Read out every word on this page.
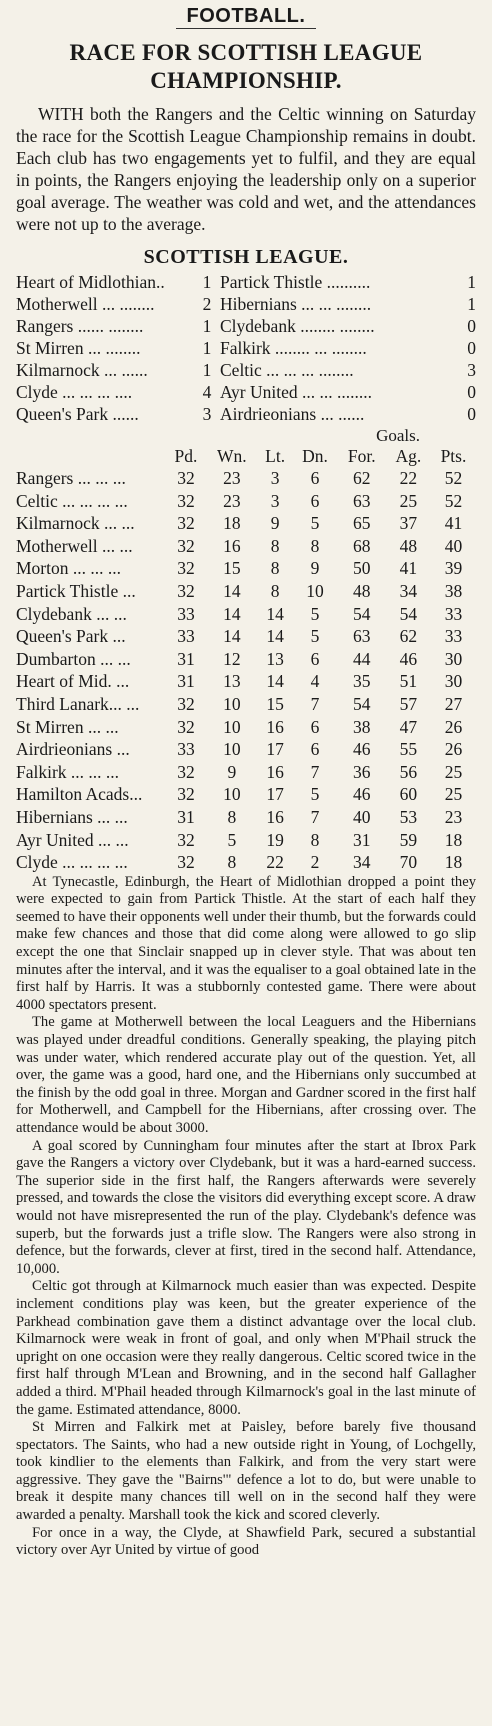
FOOTBALL.
RACE FOR SCOTTISH LEAGUE
CHAMPIONSHIP.

WITH both the Rangers and the Celtic winning on Saturday the race for the Scottish League Championship remains in doubt. Each club has two engagements yet to fulfil, and they are equal in points, the Rangers enjoying the leadership only on a superior goal average. The weather was cold and wet, and the attendances were not up to the average.

SCOTTISH LEAGUE.
Heart of Midlothian..	1	Partick Thistle ..........	1
Motherwell ... ........	2	Hibernians ... ... ........	1
Rangers ...... ........	1	Clydebank ........ ........	0
St Mirren ... ........	1	Falkirk ........ ... ........	0
Kilmarnock ... ......	1	Celtic ... ... ... ........	3
Clyde ... ... ... ....	4	Ayr United ... ... ........	0
Queen's Park ......	3	Airdrieonians ... ......	0
Goals.
	Pd.	Wn.	Lt.	Dn.	For.	Ag.	Pts.
Rangers ... ... ...	32	23	3	6	62	22	52
Celtic ... ... ... ...	32	23	3	6	63	25	52
Kilmarnock ... ...	32	18	9	5	65	37	41
Motherwell ... ...	32	16	8	8	68	48	40
Morton ... ... ...	32	15	8	9	50	41	39
Partick Thistle ...	32	14	8	10	48	34	38
Clydebank ... ...	33	14	14	5	54	54	33
Queen's Park ...	33	14	14	5	63	62	33
Dumbarton ... ...	31	12	13	6	44	46	30
Heart of Mid. ...	31	13	14	4	35	51	30
Third Lanark... ...	32	10	15	7	54	57	27
St Mirren ... ...	32	10	16	6	38	47	26
Airdrieonians ...	33	10	17	6	46	55	26
Falkirk ... ... ...	32	9	16	7	36	56	25
Hamilton Acads...	32	10	17	5	46	60	25
Hibernians ... ...	31	8	16	7	40	53	23
Ayr United ... ...	32	5	19	8	31	59	18
Clyde ... ... ... ...	32	8	22	2	34	70	18

At Tynecastle, Edinburgh, the Heart of Midlothian dropped a point they were expected to gain from Partick Thistle. At the start of each half they seemed to have their opponents well under their thumb, but the forwards could make few chances and those that did come along were allowed to go slip except the one that Sinclair snapped up in clever style. That was about ten minutes after the interval, and it was the equaliser to a goal obtained late in the first half by Harris. It was a stubbornly contested game. There were about 4000 spectators present.

The game at Motherwell between the local Leaguers and the Hibernians was played under dreadful conditions. Generally speaking, the playing pitch was under water, which rendered accurate play out of the question. Yet, all over, the game was a good, hard one, and the Hibernians only succumbed at the finish by the odd goal in three. Morgan and Gardner scored in the first half for Motherwell, and Campbell for the Hibernians, after crossing over. The attendance would be about 3000.

A goal scored by Cunningham four minutes after the start at Ibrox Park gave the Rangers a victory over Clydebank, but it was a hard-earned success. The superior side in the first half, the Rangers afterwards were severely pressed, and towards the close the visitors did everything except score. A draw would not have misrepresented the run of the play. Clydebank's defence was superb, but the forwards just a trifle slow. The Rangers were also strong in defence, but the forwards, clever at first, tired in the second half. Attendance, 10,000.

Celtic got through at Kilmarnock much easier than was expected. Despite inclement conditions play was keen, but the greater experience of the Parkhead combination gave them a distinct advantage over the local club. Kilmarnock were weak in front of goal, and only when M'Phail struck the upright on one occasion were they really dangerous. Celtic scored twice in the first half through M'Lean and Browning, and in the second half Gallagher added a third. M'Phail headed through Kilmarnock's goal in the last minute of the game. Estimated attendance, 8000.

St Mirren and Falkirk met at Paisley, before barely five thousand spectators. The Saints, who had a new outside right in Young, of Lochgelly, took kindlier to the elements than Falkirk, and from the very start were aggressive. They gave the "Bairns'" defence a lot to do, but were unable to break it despite many chances till well on in the second half they were awarded a penalty. Marshall took the kick and scored cleverly.

For once in a way, the Clyde, at Shawfield Park, secured a substantial victory over Ayr United by virtue of good
